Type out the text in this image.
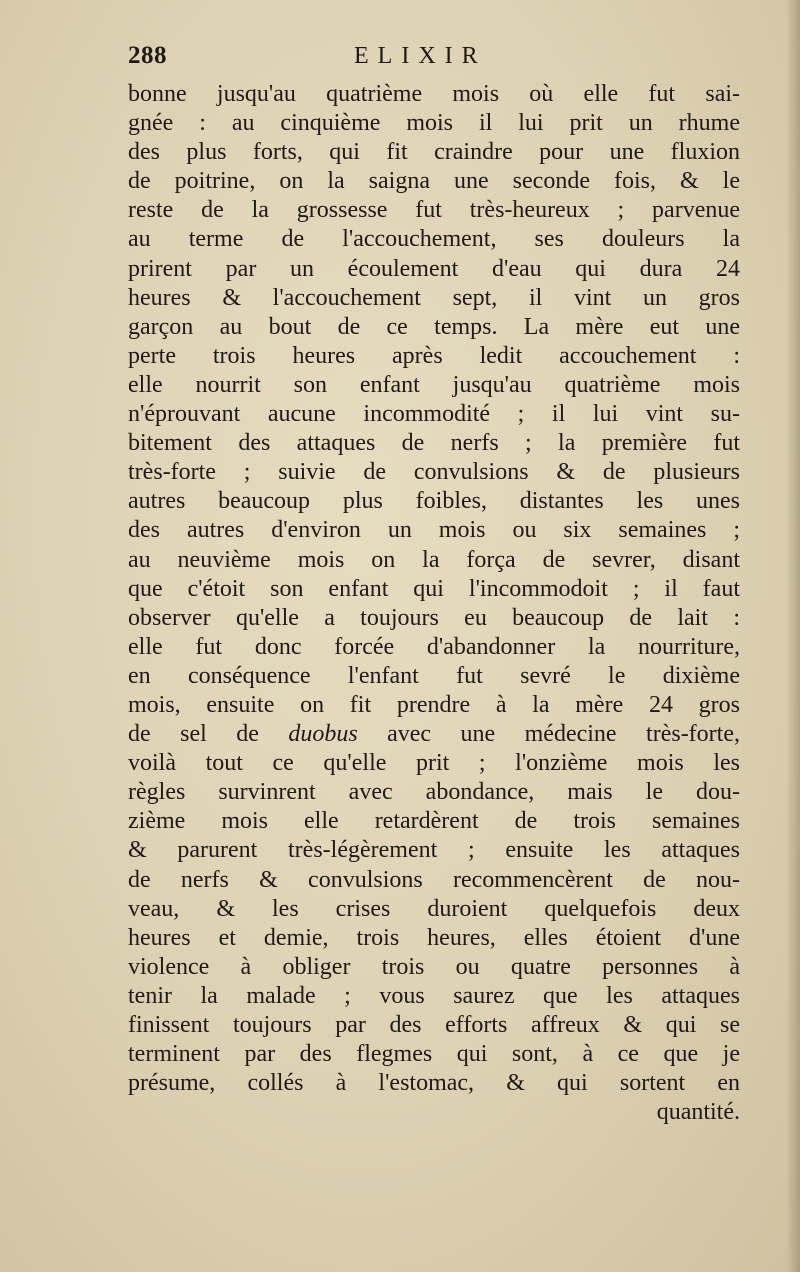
288	ELIXIR
bonne jusqu'au quatrième mois où elle fut sai-
gnée : au cinquième mois il lui prit un rhume
des plus forts, qui fit craindre pour une fluxion
de poitrine, on la saigna une seconde fois, & le
reste de la grossesse fut très-heureux ; parvenue
au terme de l'accouchement, ses douleurs la
prirent par un écoulement d'eau qui dura 24
heures & l'accouchement sept, il vint un gros
garçon au bout de ce temps. La mère eut une
perte trois heures après ledit accouchement :
elle nourrit son enfant jusqu'au quatrième mois
n'éprouvant aucune incommodité ; il lui vint su-
bitement des attaques de nerfs ; la première fut
très-forte ; suivie de convulsions & de plusieurs
autres beaucoup plus foibles, distantes les unes
des autres d'environ un mois ou six semaines ;
au neuvième mois on la força de sevrer, disant
que c'étoit son enfant qui l'incommodoit ; il faut
observer qu'elle a toujours eu beaucoup de lait :
elle fut donc forcée d'abandonner la nourriture,
en conséquence l'enfant fut sevré le dixième
mois, ensuite on fit prendre à la mère 24 gros
de sel de duobus avec une médecine très-forte,
voilà tout ce qu'elle prit ; l'onzième mois les
règles survinrent avec abondance, mais le dou-
zième mois elle retardèrent de trois semaines
& parurent très-légèrement ; ensuite les attaques
de nerfs & convulsions recommencèrent de nou-
veau, & les crises duroient quelquefois deux
heures et demie, trois heures, elles étoient d'une
violence à obliger trois ou quatre personnes à
tenir la malade ; vous saurez que les attaques
finissent toujours par des efforts affreux & qui se
terminent par des flegmes qui sont, à ce que je
présume, collés à l'estomac, & qui sortent en
quantité.
